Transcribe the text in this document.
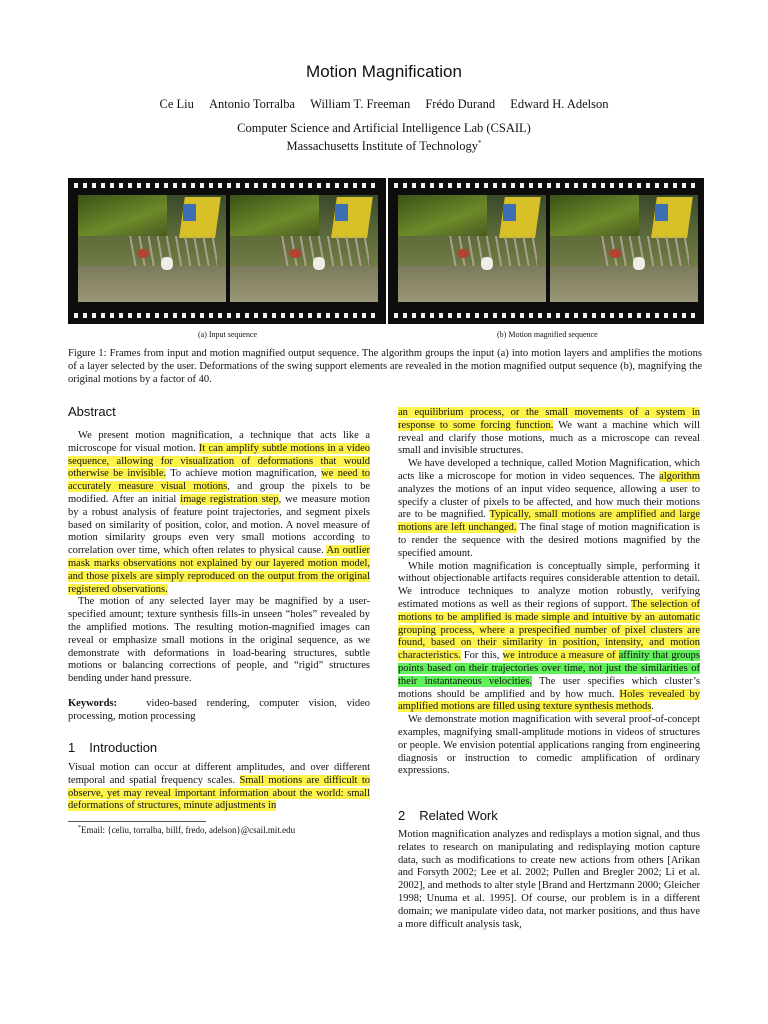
Motion Magnification
Ce Liu Antonio Torralba William T. Freeman Frédo Durand Edward H. Adelson
Computer Science and Artificial Intelligence Lab (CSAIL)
Massachusetts Institute of Technology*
(a) Input sequence	(b) Motion magnified sequence
Figure 1: Frames from input and motion magnified output sequence. The algorithm groups the input (a) into motion layers and amplifies the motions of a layer selected by the user. Deformations of the swing support elements are revealed in the motion magnified output sequence (b), magnifying the original motions by a factor of 40.
Abstract

We present motion magnification, a technique that acts like a microscope for visual motion. It can amplify subtle motions in a video sequence, allowing for visualization of deformations that would otherwise be invisible. To achieve motion magnification, we need to accurately measure visual motions, and group the pixels to be modified. After an initial image registration step, we measure motion by a robust analysis of feature point trajectories, and segment pixels based on similarity of position, color, and motion. A novel measure of motion similarity groups even very small motions according to correlation over time, which often relates to physical cause. An outlier mask marks observations not explained by our layered motion model, and those pixels are simply reproduced on the output from the original registered observations.

The motion of any selected layer may be magnified by a user-specified amount; texture synthesis fills-in unseen “holes” revealed by the amplified motions. The resulting motion-magnified images can reveal or emphasize small motions in the original sequence, as we demonstrate with deformations in load-bearing structures, subtle motions or balancing corrections of people, and “rigid” structures bending under hand pressure.

Keywords:	video-based rendering, computer vision, video processing, motion processing
1 Introduction

Visual motion can occur at different amplitudes, and over different temporal and spatial frequency scales. Small motions are difficult to observe, yet may reveal important information about the world: small deformations of structures, minute adjustments in

*Email: {celiu, torralba, billf, fredo, adelson}@csail.mit.edu

an equilibrium process, or the small movements of a system in response to some forcing function. We want a machine which will reveal and clarify those motions, much as a microscope can reveal small and invisible structures.

We have developed a technique, called Motion Magnification, which acts like a microscope for motion in video sequences. The algorithm analyzes the motions of an input video sequence, allowing a user to specify a cluster of pixels to be affected, and how much their motions are to be magnified. Typically, small motions are amplified and large motions are left unchanged. The final stage of motion magnification is to render the sequence with the desired motions magnified by the specified amount.

While motion magnification is conceptually simple, performing it without objectionable artifacts requires considerable attention to detail. We introduce techniques to analyze motion robustly, verifying estimated motions as well as their regions of support. The selection of motions to be amplified is made simple and intuitive by an automatic grouping process, where a prespecified number of pixel clusters are found, based on their similarity in position, intensity, and motion characteristics. For this, we introduce a measure of affinity that groups points based on their trajectories over time, not just the similarities of their instantaneous velocities. The user specifies which cluster’s motions should be amplified and by how much. Holes revealed by amplified motions are filled using texture synthesis methods.

We demonstrate motion magnification with several proof-of-concept examples, magnifying small-amplitude motions in videos of structures or people. We envision potential applications ranging from engineering diagnosis or instruction to comedic amplification of ordinary expressions.

2 Related Work

Motion magnification analyzes and redisplays a motion signal, and thus relates to research on manipulating and redisplaying motion capture data, such as modifications to create new actions from others [Arikan and Forsyth 2002; Lee et al. 2002; Pullen and Bregler 2002; Li et al. 2002], and methods to alter style [Brand and Hertzmann 2000; Gleicher 1998; Unuma et al. 1995]. Of course, our problem is in a different domain; we manipulate video data, not marker positions, and thus have a more difficult analysis task,
